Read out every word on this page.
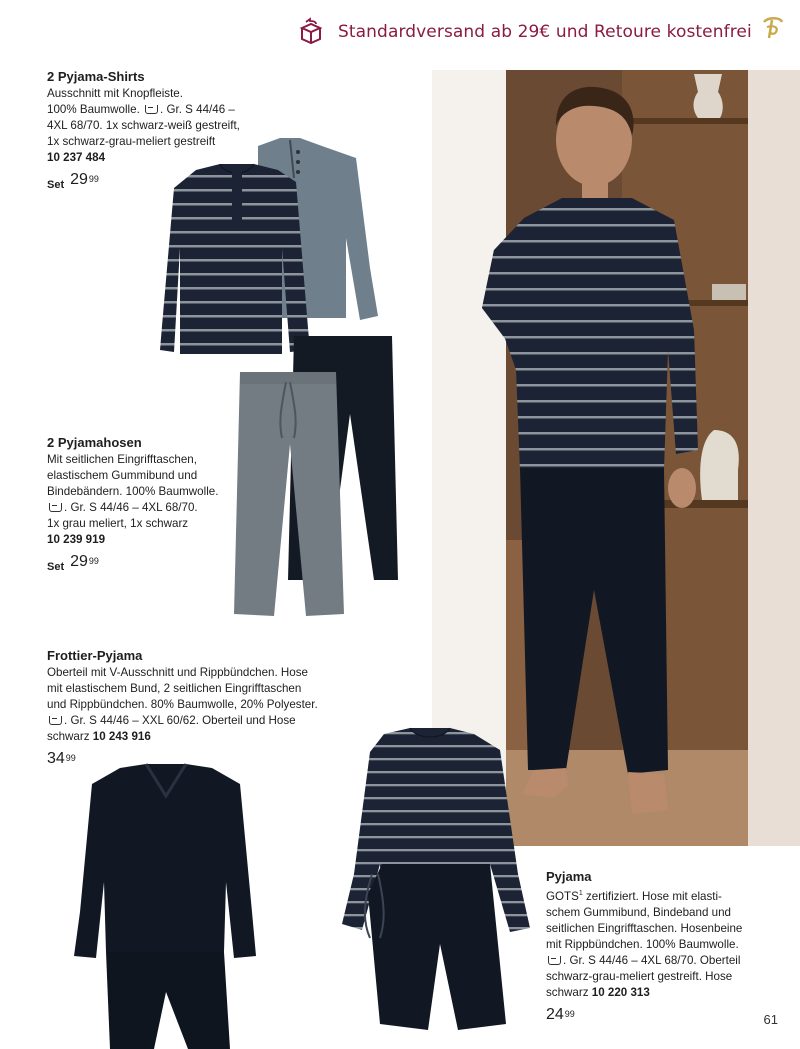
Standardversand ab 29€ und Retoure kostenfrei
2 Pyjama-Shirts
Ausschnitt mit Knopfleiste.
100% Baumwolle. . Gr. S 44/46 –
4XL 68/70. 1x schwarz-weiß gestreift,
1x schwarz-grau-meliert gestreift
10 237 484
Set $29^{99}$
2 Pyjamahosen
Mit seitlichen Eingrifftaschen,
elastischem Gummibund und
Bindebändern. 100% Baumwolle.
. Gr. S 44/46 – 4XL 68/70.
1x grau meliert, 1x schwarz
10 239 919
Set $29^{99}$
Frottier-Pyjama
Oberteil mit V-Ausschnitt und Rippbündchen. Hose
mit elastischem Bund, 2 seitlichen Eingrifftaschen
und Rippbündchen. 80% Baumwolle, 20% Polyester.
. Gr. S 44/46 – XXL 60/62. Oberteil und Hose
schwarz 10 243 916
$34^{99}$
Pyjama
GOTS$^1$ zertifiziert. Hose mit elasti-
schem Gummibund, Bindeband und
seitlichen Eingrifftaschen. Hosenbeine
mit Rippbündchen. 100% Baumwolle.
. Gr. S 44/46 – 4XL 68/70. Oberteil
schwarz-grau-meliert gestreift. Hose
schwarz 10 220 313
$24^{99}$	61
